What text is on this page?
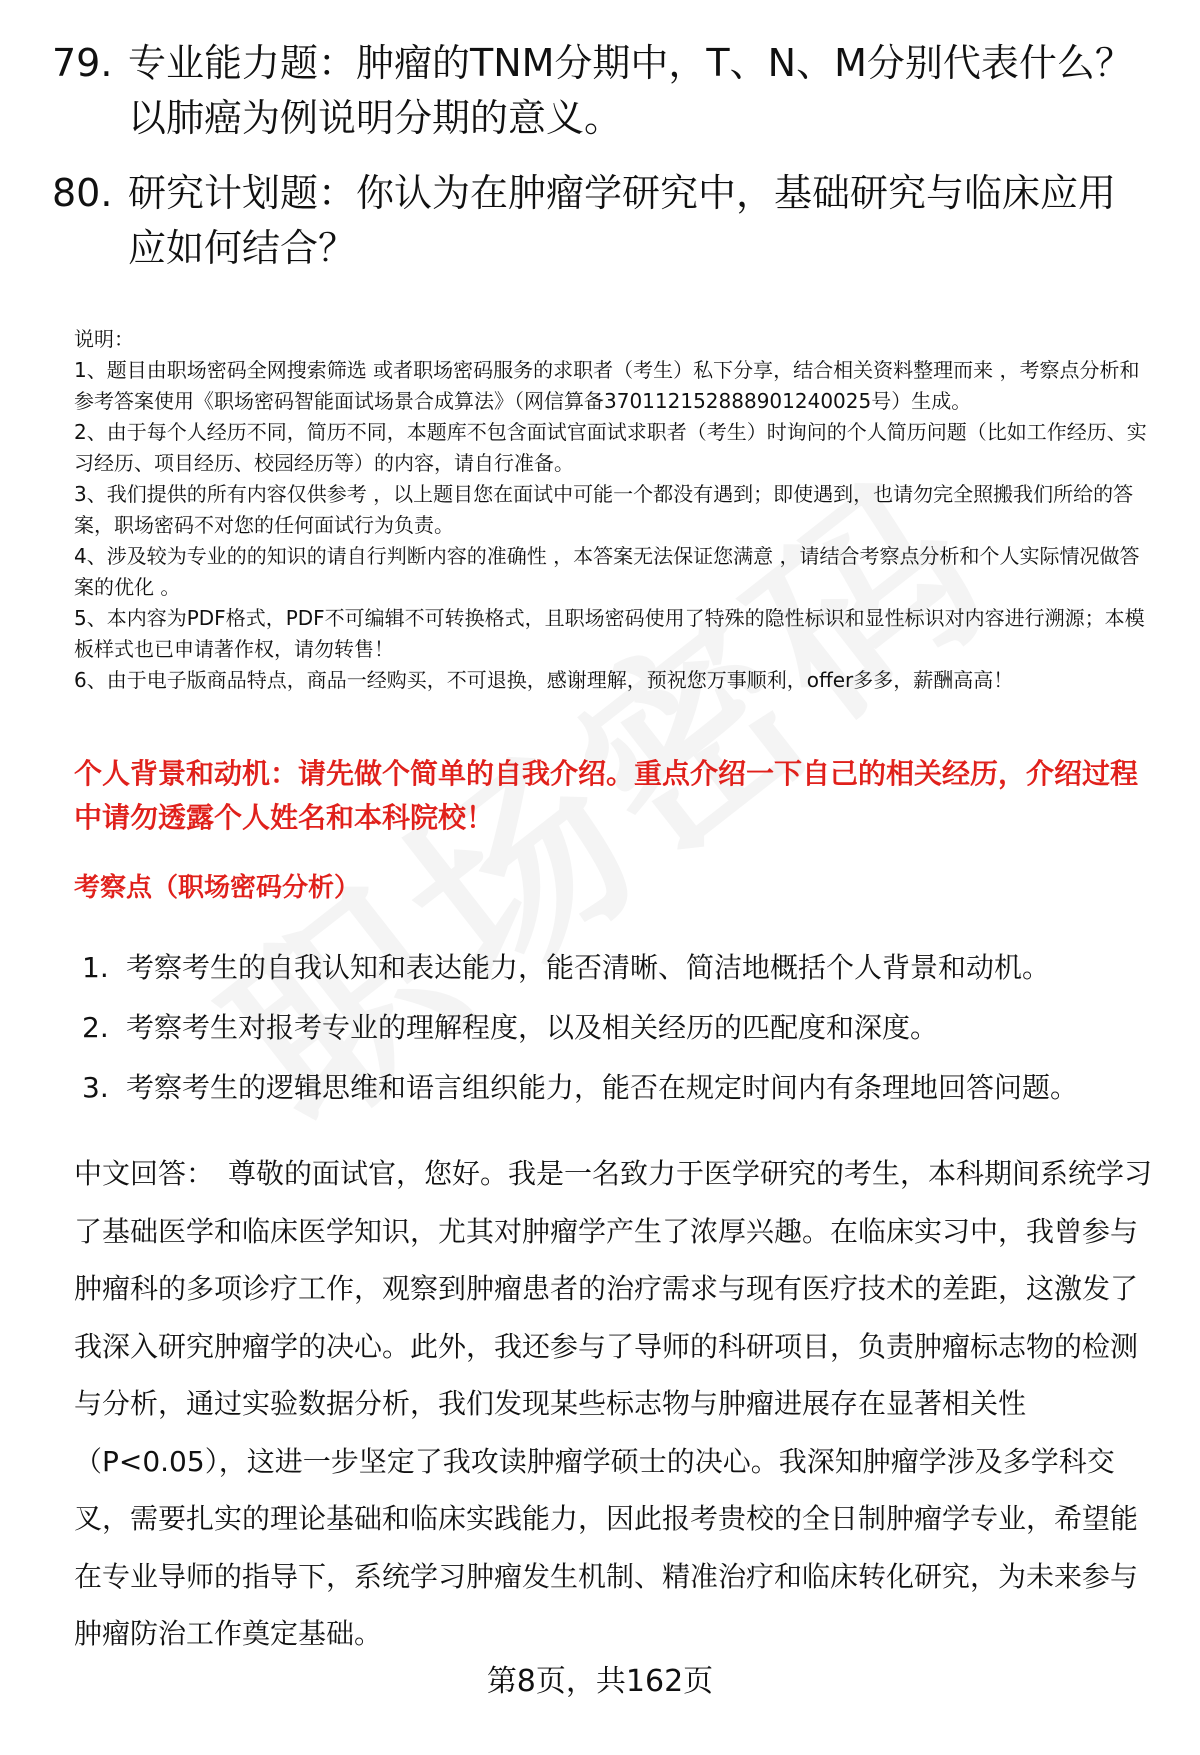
79. 专业能力题：肿瘤的TNM分期中，T、N、M分别代表什么？以肺癌为例说明分期的意义。
80. 研究计划题：你认为在肿瘤学研究中，基础研究与临床应用应如何结合？

说明：

1、题目由职场密码全网搜索筛选 或者职场密码服务的求职者（考生）私下分享，结合相关资料整理而来 ，考察点分析和参考答案使用《职场密码智能面试场景合成算法》（网信算备370112152888901240025号）生成。

2、由于每个人经历不同，简历不同，本题库不包含面试官面试求职者（考生）时询问的个人简历问题（比如工作经历、实习经历、项目经历、校园经历等）的内容，请自行准备。

3、我们提供的所有内容仅供参考 ，以上题目您在面试中可能一个都没有遇到；即使遇到，也请勿完全照搬我们所给的答案，职场密码不对您的任何面试行为负责。

4、涉及较为专业的的知识的请自行判断内容的准确性 ，本答案无法保证您满意 ，请结合考察点分析和个人实际情况做答案的优化 。

5、本内容为PDF格式，PDF不可编辑不可转换格式，且职场密码使用了特殊的隐性标识和显性标识对内容进行溯源；本模板样式也已申请著作权，请勿转售！

6、由于电子版商品特点，商品一经购买，不可退换，感谢理解，预祝您万事顺利，offer多多，薪酬高高！

个人背景和动机：请先做个简单的自我介绍。重点介绍一下自己的相关经历，介绍过程中请勿透露个人姓名和本科院校！
考察点（职场密码分析）
1. 考察考生的自我认知和表达能力，能否清晰、简洁地概括个人背景和动机。
2. 考察考生对报考专业的理解程度，以及相关经历的匹配度和深度。
3. 考察考生的逻辑思维和语言组织能力，能否在规定时间内有条理地回答问题。
中文回答： 尊敬的面试官，您好。我是一名致力于医学研究的考生，本科期间系统学习了基础医学和临床医学知识，尤其对肿瘤学产生了浓厚兴趣。在临床实习中，我曾参与肿瘤科的多项诊疗工作，观察到肿瘤患者的治疗需求与现有医疗技术的差距，这激发了我深入研究肿瘤学的决心。此外，我还参与了导师的科研项目，负责肿瘤标志物的检测与分析，通过实验数据分析，我们发现某些标志物与肿瘤进展存在显著相关性（P<0.05），这进一步坚定了我攻读肿瘤学硕士的决心。我深知肿瘤学涉及多学科交叉，需要扎实的理论基础和临床实践能力，因此报考贵校的全日制肿瘤学专业，希望能在专业导师的指导下，系统学习肿瘤发生机制、精准治疗和临床转化研究，为未来参与肿瘤防治工作奠定基础。
第8页，共162页
